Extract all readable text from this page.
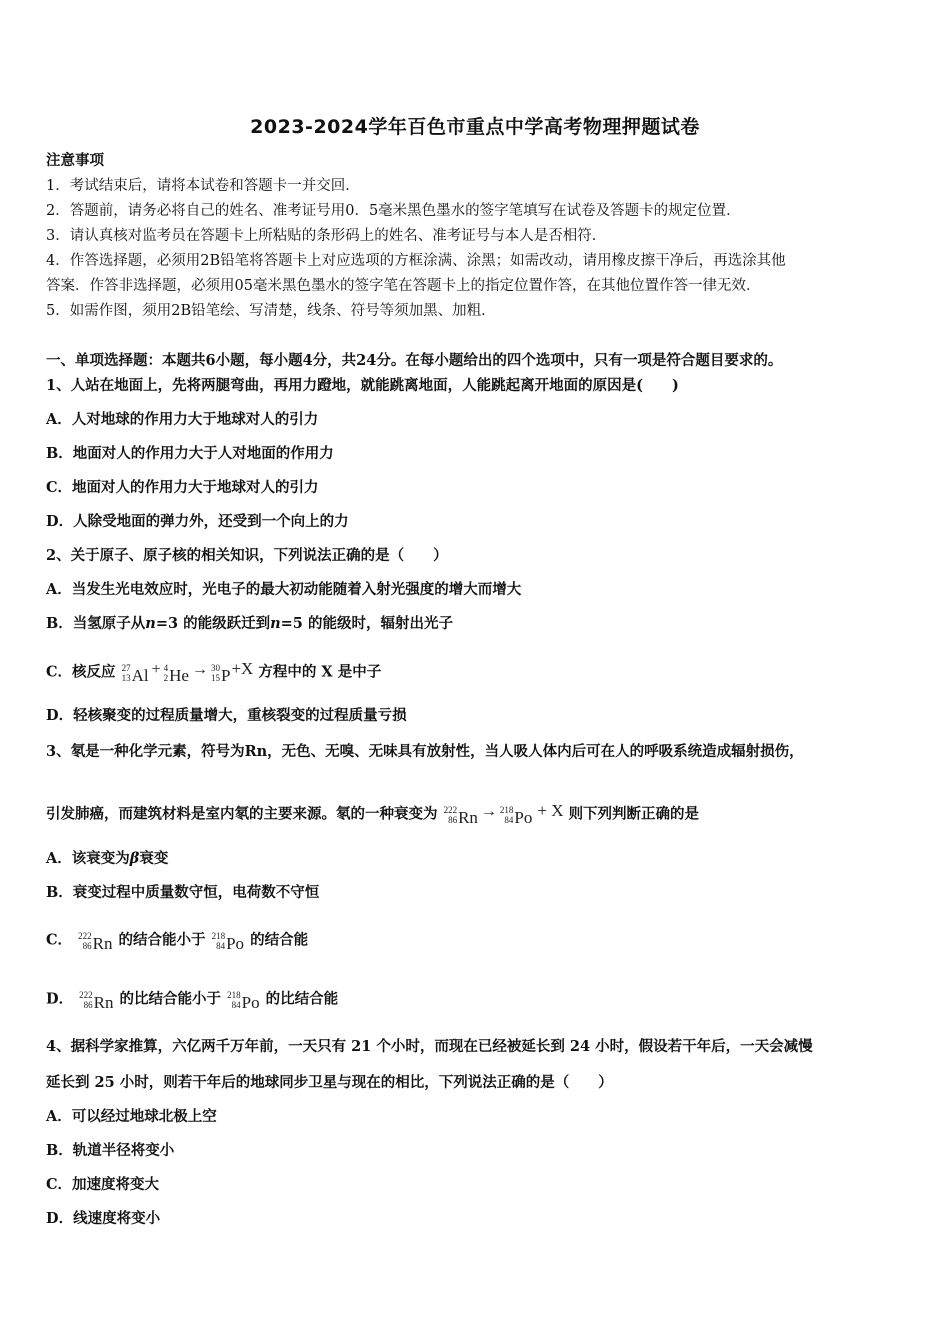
2023-2024学年百色市重点中学高考物理押题试卷
注意事项
1．考试结束后，请将本试卷和答题卡一并交回．
2．答题前，请务必将自己的姓名、准考证号用0．5毫米黑色墨水的签字笔填写在试卷及答题卡的规定位置．
3．请认真核对监考员在答题卡上所粘贴的条形码上的姓名、准考证号与本人是否相符．
4．作答选择题，必须用2B铅笔将答题卡上对应选项的方框涂满、涂黑；如需改动，请用橡皮擦干净后，再选涂其他
答案．作答非选择题，必须用05毫米黑色墨水的签字笔在答题卡上的指定位置作答，在其他位置作答一律无效．
5．如需作图，须用2B铅笔绘、写清楚，线条、符号等须加黑、加粗．
一、单项选择题：本题共6小题，每小题4分，共24分。在每小题给出的四个选项中，只有一项是符合题目要求的。
1、人站在地面上，先将两腿弯曲，再用力蹬地，就能跳离地面，人能跳起离开地面的原因是(　　)
A．人对地球的作用力大于地球对人的引力
B．地面对人的作用力大于人对地面的作用力
C．地面对人的作用力大于地球对人的引力
D．人除受地面的弹力外，还受到一个向上的力
2、关于原子、原子核的相关知识，下列说法正确的是（　　）
A．当发生光电效应时，光电子的最大初动能随着入射光强度的增大而增大
B．当氢原子从n=3 的能级跃迁到n=5 的能级时，辐射出光子
C．核反应 27
13 Al + 4
2 He → 30
15 P +X 方程中的 X 是中子
D．轻核聚变的过程质量增大，重核裂变的过程质量亏损
3、氡是一种化学元素，符号为Rn，无色、无嗅、无味具有放射性，当人吸人体内后可在人的呼吸系统造成辐射损伤，
引发肺癌，而建筑材料是室内氡的主要来源。氡的一种衰变为 222
86 Rn → 218
84 Po + X 则下列判断正确的是
A．该衰变为β衰变
B．衰变过程中质量数守恒，电荷数不守恒
C． 222
86 Rn 的结合能小于 218
84 Po 的结合能
D． 222
86 Rn 的比结合能小于 218
84 Po 的比结合能
4、据科学家推算，六亿两千万年前，一天只有 21 个小时，而现在已经被延长到 24 小时，假设若干年后，一天会减慢
延长到 25 小时，则若干年后的地球同步卫星与现在的相比，下列说法正确的是（　　）
A．可以经过地球北极上空
B．轨道半径将变小
C．加速度将变大
D．线速度将变小
